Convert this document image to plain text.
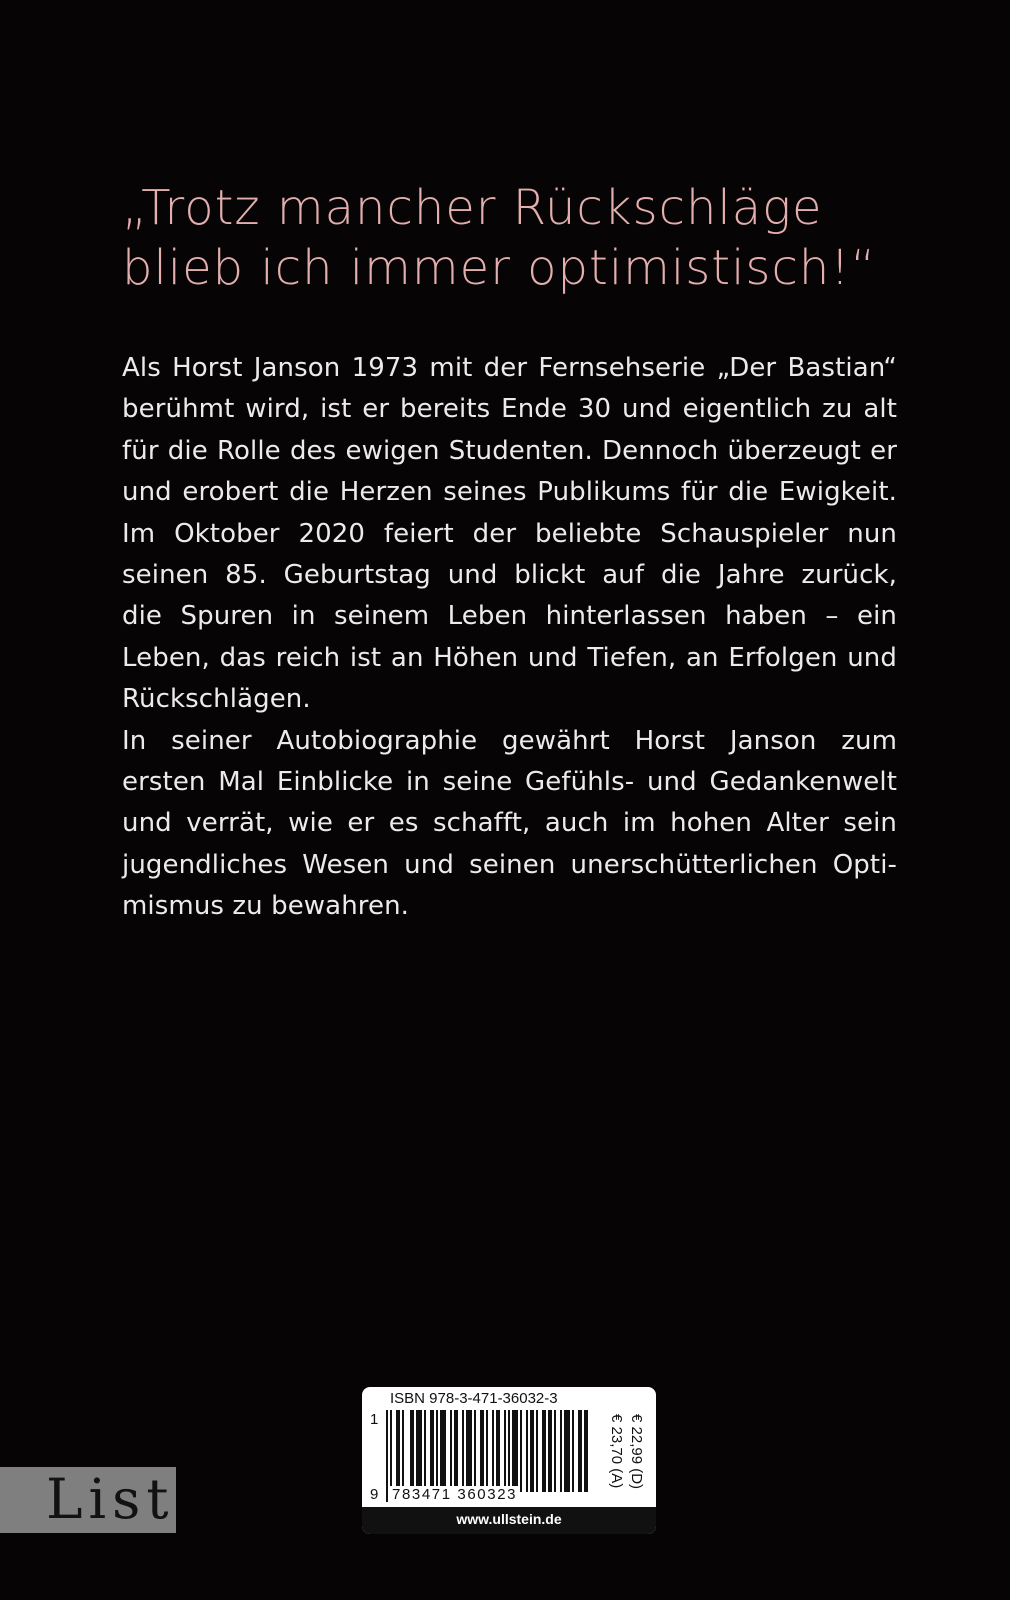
„Trotz mancher Rückschläge
blieb ich immer optimistisch!“
Als Horst Janson 1973 mit der Fernsehserie „Der Bastian“
berühmt wird, ist er bereits Ende 30 und eigentlich zu alt
für die Rolle des ewigen Studenten. Dennoch überzeugt er
und erobert die Herzen seines Publikums für die Ewigkeit.
Im Oktober 2020 feiert der beliebte Schauspieler nun
seinen 85. Geburtstag und blickt auf die Jahre zurück,
die Spuren in seinem Leben hinterlassen haben – ein
Leben, das reich ist an Höhen und Tiefen, an Erfolgen und
Rückschlägen.
In seiner Autobiographie gewährt Horst Janson zum
ersten Mal Einblicke in seine Gefühls- und Gedankenwelt
und verrät, wie er es schafft, auch im hohen Alter sein
jugendliches Wesen und seinen unerschütterlichen Opti-
mismus zu bewahren.
List
ISBN 978-3-471-36032-3
1
9 783471 360323
€ 22,99 (D)
€ 23,70 (A)
www.ullstein.de
